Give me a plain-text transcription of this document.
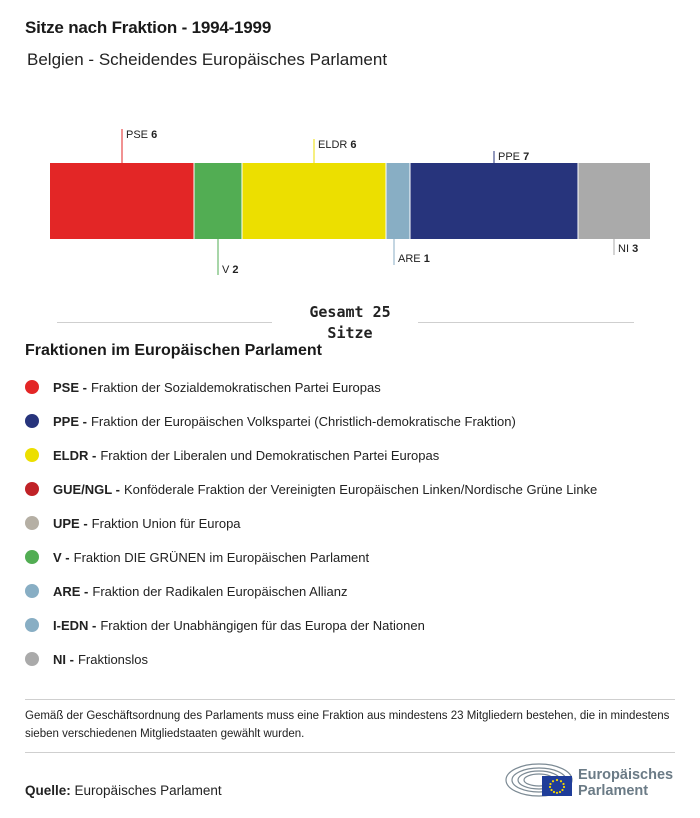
Sitze nach Fraktion - 1994-1999
Belgien - Scheidendes Europäisches Parlament
PSE 6
V 2
ELDR 6
ARE 1
PPE 7
NI 3
Gesamt 25
Sitze
Fraktionen im Europäischen Parlament
PSE - Fraktion der Sozialdemokratischen Partei Europas
PPE - Fraktion der Europäischen Volkspartei (Christlich-demokratische Fraktion)
ELDR - Fraktion der Liberalen und Demokratischen Partei Europas
GUE/NGL - Konföderale Fraktion der Vereinigten Europäischen Linken/Nordische Grüne Linke
UPE - Fraktion Union für Europa
V - Fraktion DIE GRÜNEN im Europäischen Parlament
ARE - Fraktion der Radikalen Europäischen Allianz
I-EDN - Fraktion der Unabhängigen für das Europa der Nationen
NI - Fraktionslos
Gemäß der Geschäftsordnung des Parlaments muss eine Fraktion aus mindestens 23 Mitgliedern bestehen, die in mindestens sieben verschiedenen Mitgliedstaaten gewählt wurden.
Quelle: Europäisches Parlament
Europäisches
Parlament
